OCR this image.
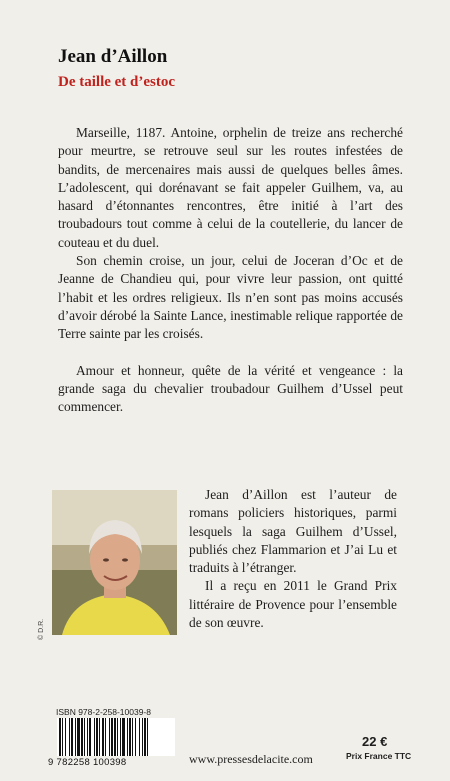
Jean d’Aillon
De taille et d’estoc

Marseille, 1187. Antoine, orphelin de treize ans recherché pour meurtre, se retrouve seul sur les routes infestées de bandits, de mercenaires mais aussi de quelques belles âmes. L’adolescent, qui dorénavant se fait appeler Guilhem, va, au hasard d’étonnantes rencontres, être initié à l’art des troubadours tout comme à celui de la coutellerie, du lancer de couteau et du duel.

Son chemin croise, un jour, celui de Joceran d’Oc et de Jeanne de Chandieu qui, pour vivre leur passion, ont quitté l’habit et les ordres religieux. Ils n’en sont pas moins accusés d’avoir dérobé la Sainte Lance, inestimable relique rapportée de Terre sainte par les croisés.

Amour et honneur, quête de la vérité et vengeance : la grande saga du chevalier troubadour Guilhem d’Ussel peut commencer.

© D.R.

Jean d’Aillon est l’auteur de romans policiers historiques, parmi lesquels la saga Guilhem d’Ussel, publiés chez Flammarion et J’ai Lu et traduits à l’étranger.

Il a reçu en 2011 le Grand Prix littéraire de Provence pour l’ensemble de son œuvre.

ISBN 978-2-258-10039-8
9 782258 100398	www.pressesdelacite.com
22 €
Prix France TTC
